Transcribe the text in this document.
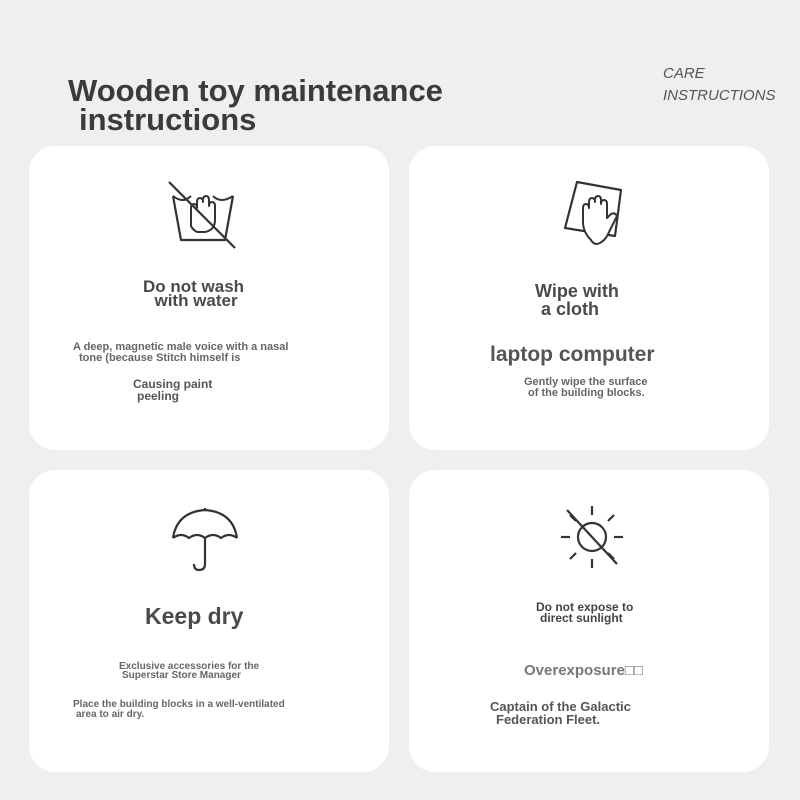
Wooden toy maintenance
instructions
CARE
INSTRUCTIONS
Do not wash
with water
A deep, magnetic male voice with a nasal
tone (because Stitch himself is
Causing paint
peeling
Wipe with
a cloth
laptop computer
Gently wipe the surface
of the building blocks.
Keep dry
Exclusive accessories for the
Superstar Store Manager
Place the building blocks in a well-ventilated
area to air dry.
Do not expose to
direct sunlight
Overexposure□□
Captain of the Galactic
Federation Fleet.
